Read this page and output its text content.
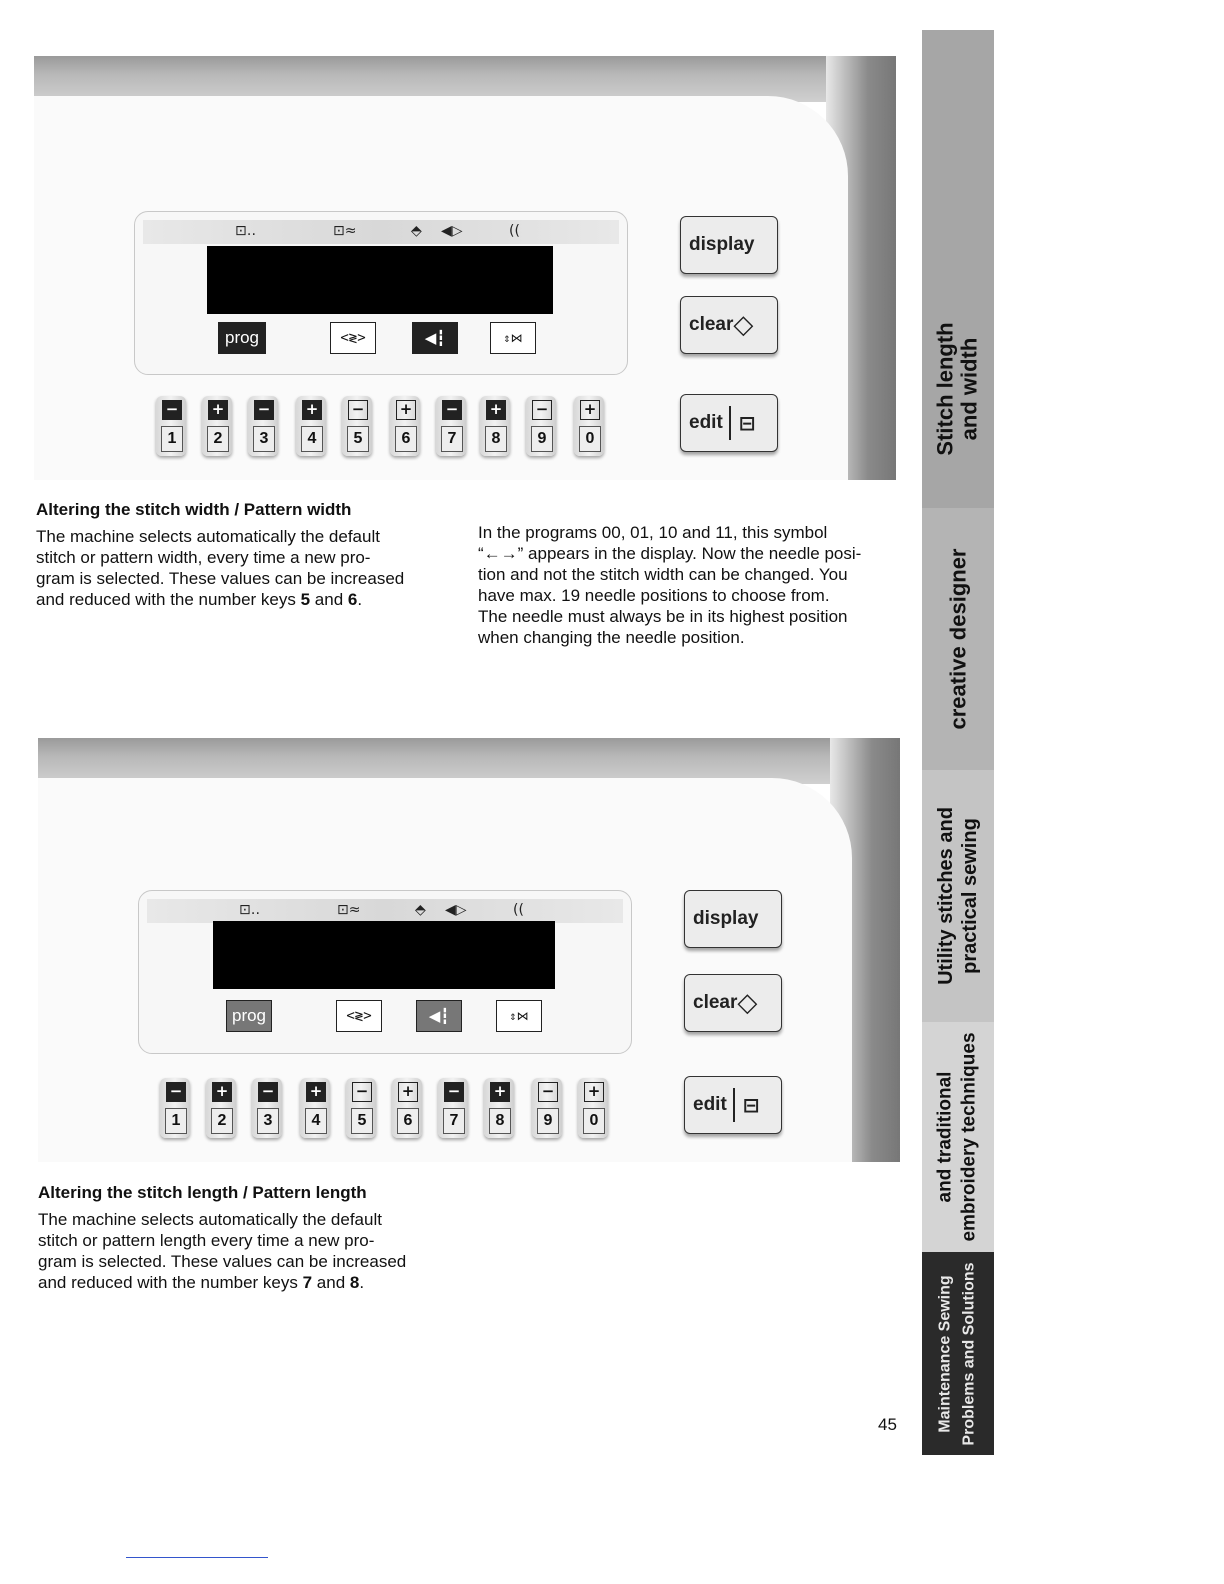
⊡‥	⊡≈	⬘ ◀▷	((
prog	<≷>	◀┇	⇕⋈
−
1
+
2
−
3
+
4
−
5
+
6
−
7
+
8
−
9
+
0
display
clear ◇
edit ⊟
Altering the stitch width / Pattern width
The machine selects automatically the default
stitch or pattern width, every time a new pro-
gram is selected. These values can be increased
and reduced with the number keys 5 and 6.
In the programs 00, 01, 10 and 11, this symbol
“←→” appears in the display. Now the needle posi-
tion and not the stitch width can be changed. You
have max. 19 needle positions to choose from.
The needle must always be in its highest position
when changing the needle position.
⊡‥	⊡≈	⬘ ◀▷	((
prog	<≷>	◀┇	⇕⋈
−
1
+
2
−
3
+
4
−
5
+
6
−
7
+
8
−
9
+
0
display
clear ◇
edit ⊟
Altering the stitch length / Pattern length
The machine selects automatically the default
stitch or pattern length every time a new pro-
gram is selected. These values can be increased
and reduced with the number keys 7 and 8.
Stitch length and width
creative designer
Utility stitches and practical sewing
and traditional embroidery techniques
Maintenance Sewing Problems and Solutions
45
